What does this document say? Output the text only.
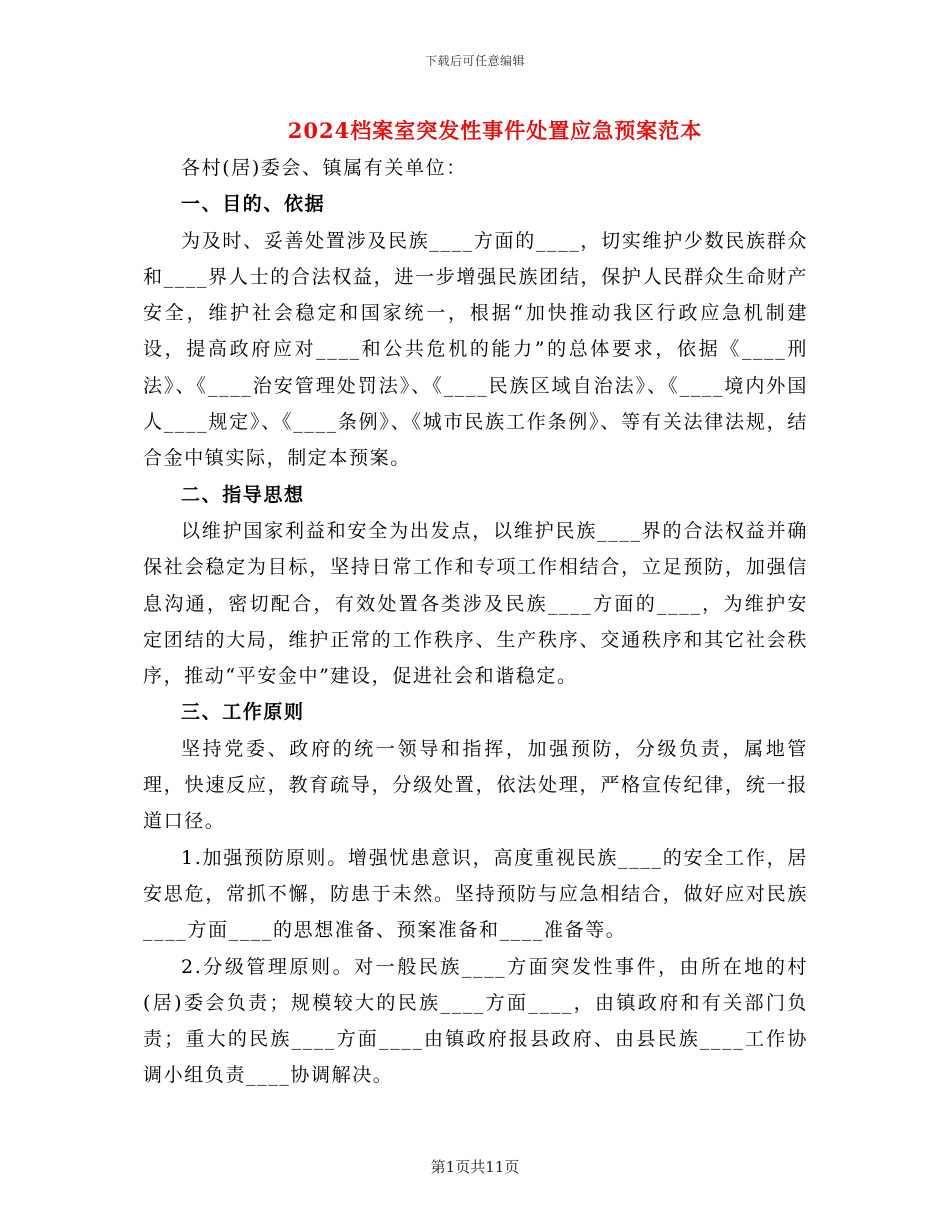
下载后可任意编辑
2024档案室突发性事件处置应急预案范本

各村(居)委会、镇属有关单位：

一、目的、依据

为及时、妥善处置涉及民族____方面的____，切实维护少数民族群众和____界人士的合法权益，进一步增强民族团结，保护人民群众生命财产安全，维护社会稳定和国家统一，根据“加快推动我区行政应急机制建设，提高政府应对____和公共危机的能力”的总体要求，依据《____刑法》、《____治安管理处罚法》、《____民族区域自治法》、《____境内外国人____规定》、《____条例》、《城市民族工作条例》、等有关法律法规，结合金中镇实际，制定本预案。

二、指导思想

以维护国家利益和安全为出发点，以维护民族____界的合法权益并确保社会稳定为目标，坚持日常工作和专项工作相结合，立足预防，加强信息沟通，密切配合，有效处置各类涉及民族____方面的____，为维护安定团结的大局，维护正常的工作秩序、生产秩序、交通秩序和其它社会秩序，推动“平安金中”建设，促进社会和谐稳定。

三、工作原则

坚持党委、政府的统一领导和指挥，加强预防，分级负责，属地管理，快速反应，教育疏导，分级处置，依法处理，严格宣传纪律，统一报道口径。

1.加强预防原则。增强忧患意识，高度重视民族____的安全工作，居安思危，常抓不懈，防患于未然。坚持预防与应急相结合，做好应对民族____方面____的思想准备、预案准备和____准备等。

2.分级管理原则。对一般民族____方面突发性事件，由所在地的村(居)委会负责；规模较大的民族____方面____，由镇政府和有关部门负责；重大的民族____方面____由镇政府报县政府、由县民族____工作协调小组负责____协调解决。

第1页共11页
